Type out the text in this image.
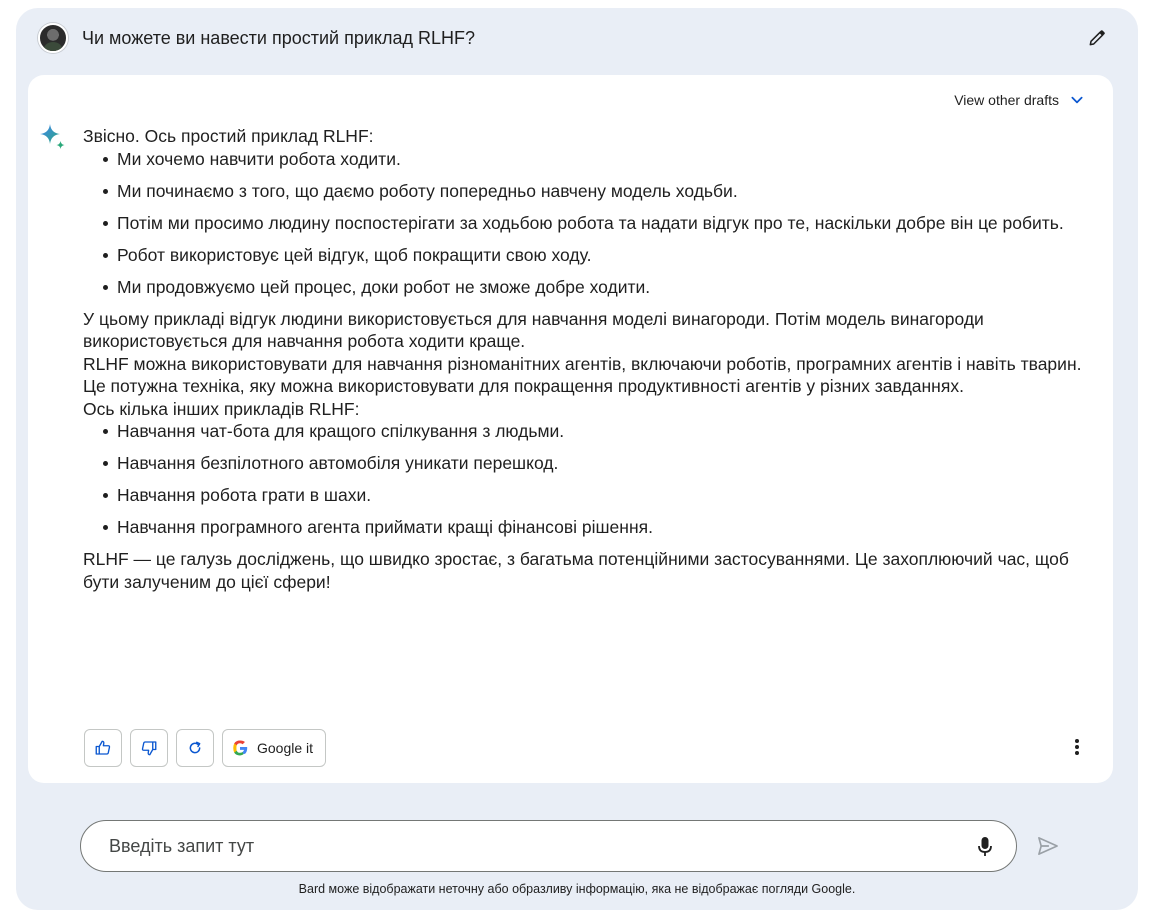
Чи можете ви навести простий приклад RLHF?
View other drafts

Звісно. Ось простий приклад RLHF:

Ми хочемо навчити робота ходити.
Ми починаємо з того, що даємо роботу попередньо навчену модель ходьби.
Потім ми просимо людину поспостерігати за ходьбою робота та надати відгук про те, наскільки добре він це робить.
Робот використовує цей відгук, щоб покращити свою ходу.
Ми продовжуємо цей процес, доки робот не зможе добре ходити.

У цьому прикладі відгук людини використовується для навчання моделі винагороди. Потім модель винагороди використовується для навчання робота ходити краще.

RLHF можна використовувати для навчання різноманітних агентів, включаючи роботів, програмних агентів і навіть тварин. Це потужна техніка, яку можна використовувати для покращення продуктивності агентів у різних завданнях.

Ось кілька інших прикладів RLHF:

Навчання чат-бота для кращого спілкування з людьми.
Навчання безпілотного автомобіля уникати перешкод.
Навчання робота грати в шахи.
Навчання програмного агента приймати кращі фінансові рішення.

RLHF — це галузь досліджень, що швидко зростає, з багатьма потенційними застосуваннями. Це захоплюючий час, щоб бути залученим до цієї сфери!

Google it
Введіть запит тут
Bard може відображати неточну або образливу інформацію, яка не відображає погляди Google.
